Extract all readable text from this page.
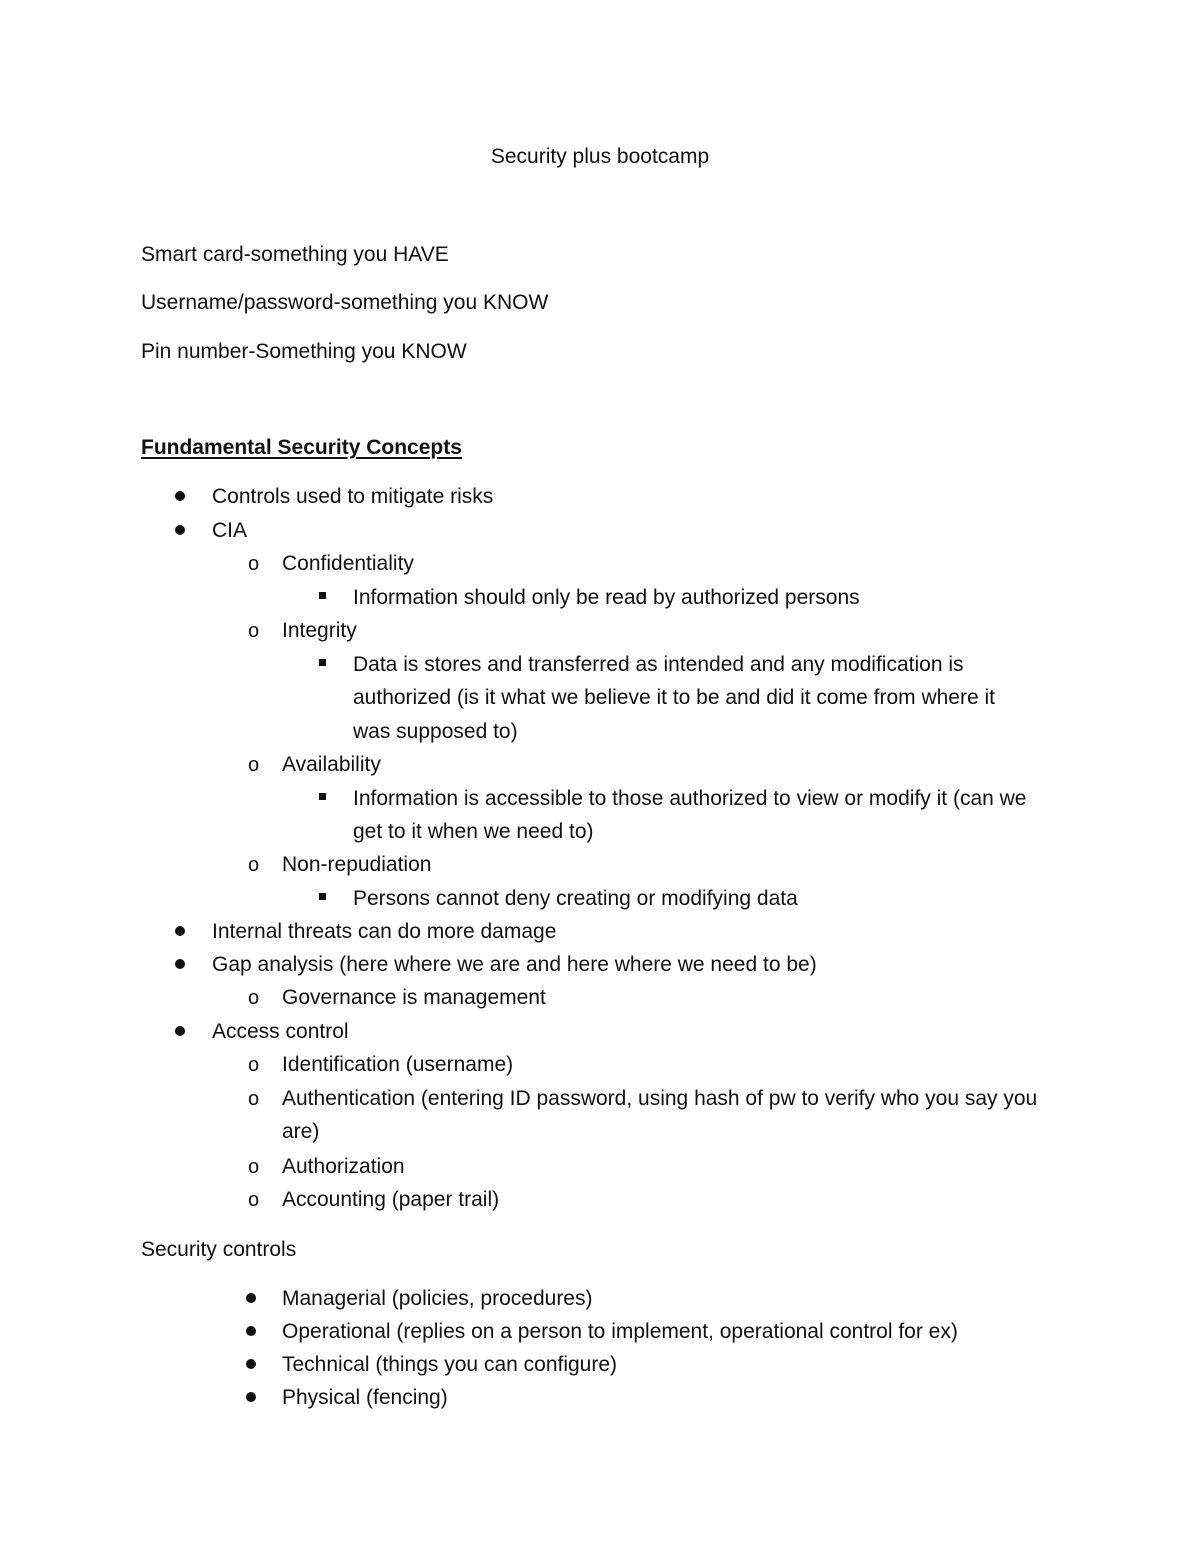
Security plus bootcamp

Smart card-something you HAVE

Username/password-something you KNOW

Pin number-Something you KNOW

Fundamental Security Concepts

Controls used to mitigate risks

CIA

o Confidentiality

Information should only be read by authorized persons

o Integrity

Data is stores and transferred as intended and any modification is

authorized (is it what we believe it to be and did it come from where it

was supposed to)

o Availability

Information is accessible to those authorized to view or modify it (can we

get to it when we need to)

o Non-repudiation

Persons cannot deny creating or modifying data

Internal threats can do more damage

Gap analysis (here where we are and here where we need to be)

o Governance is management

Access control

o Identification (username)

o Authentication (entering ID password, using hash of pw to verify who you say you

are)

o Authorization

o Accounting (paper trail)

Security controls

Managerial (policies, procedures)

Operational (replies on a person to implement, operational control for ex)

Technical (things you can configure)

Physical (fencing)
